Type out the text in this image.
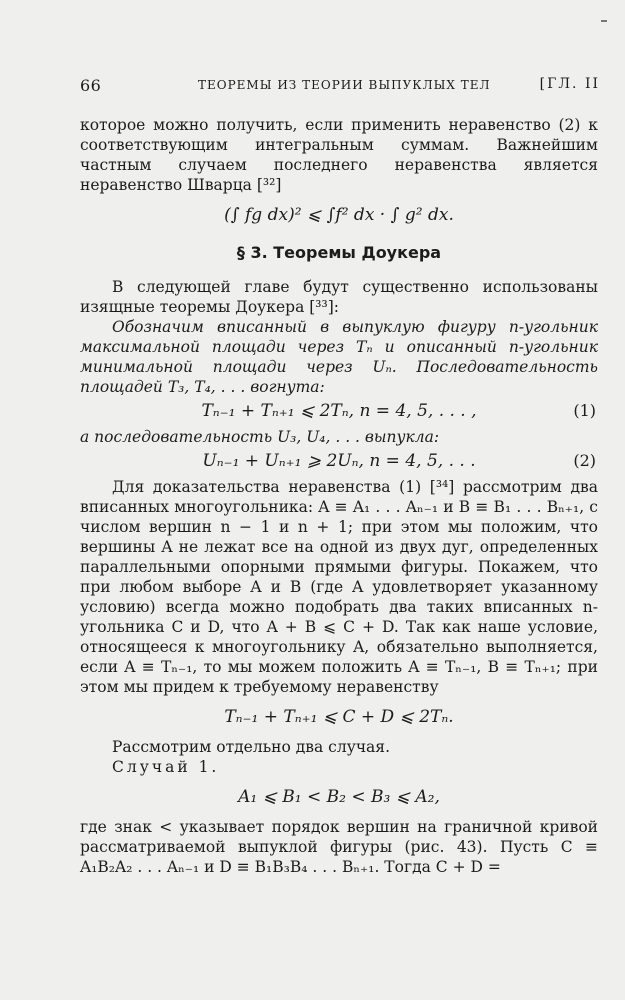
66	ТЕОРЕМЫ ИЗ ТЕОРИИ ВЫПУКЛЫХ ТЕЛ	[ГЛ. II

которое можно получить, если применить неравенство (2) к соответствующим интегральным суммам. Важнейшим частным случаем последнего неравенства является неравенство Шварца [³²]

(∫ fg dx)² ⩽ ∫f² dx · ∫ g² dx.
§ 3. Теоремы Доукера

В следующей главе будут существенно использованы изящные теоремы Доукера [³³]:

Обозначим вписанный в выпуклую фигуру n-угольник максимальной площади через Tₙ и описанный n-угольник минимальной площади через Uₙ. Последовательность площадей T₃, T₄, . . . вогнута:

Tₙ₋₁ + Tₙ₊₁ ⩽ 2Tₙ, n = 4, 5, . . . ,	(1)

а последовательность U₃, U₄, . . . выпукла:

Uₙ₋₁ + Uₙ₊₁ ⩾ 2Uₙ, n = 4, 5, . . .	(2)

Для доказательства неравенства (1) [³⁴] рассмотрим два вписанных многоугольника: A ≡ A₁ . . . Aₙ₋₁ и B ≡ B₁ . . . Bₙ₊₁, с числом вершин n − 1 и n + 1; при этом мы положим, что вершины A не лежат все на одной из двух дуг, определенных параллельными опорными прямыми фигуры. Покажем, что при любом выборе A и B (где A удовлетворяет указанному условию) всегда можно подобрать два таких вписанных n-угольника C и D, что A + B ⩽ C + D. Так как наше условие, относящееся к многоугольнику A, обязательно выполняется, если A ≡ Tₙ₋₁, то мы можем положить A ≡ Tₙ₋₁, B ≡ Tₙ₊₁; при этом мы придем к требуемому неравенству

Tₙ₋₁ + Tₙ₊₁ ⩽ C + D ⩽ 2Tₙ.

Рассмотрим отдельно два случая.

Случай 1.

A₁ ⩽ B₁ < B₂ < B₃ ⩽ A₂,

где знак < указывает порядок вершин на граничной кривой рассматриваемой выпуклой фигуры (рис. 43). Пусть C ≡ A₁B₂A₂ . . . Aₙ₋₁ и D ≡ B₁B₃B₄ . . . Bₙ₊₁. Тогда C + D =
